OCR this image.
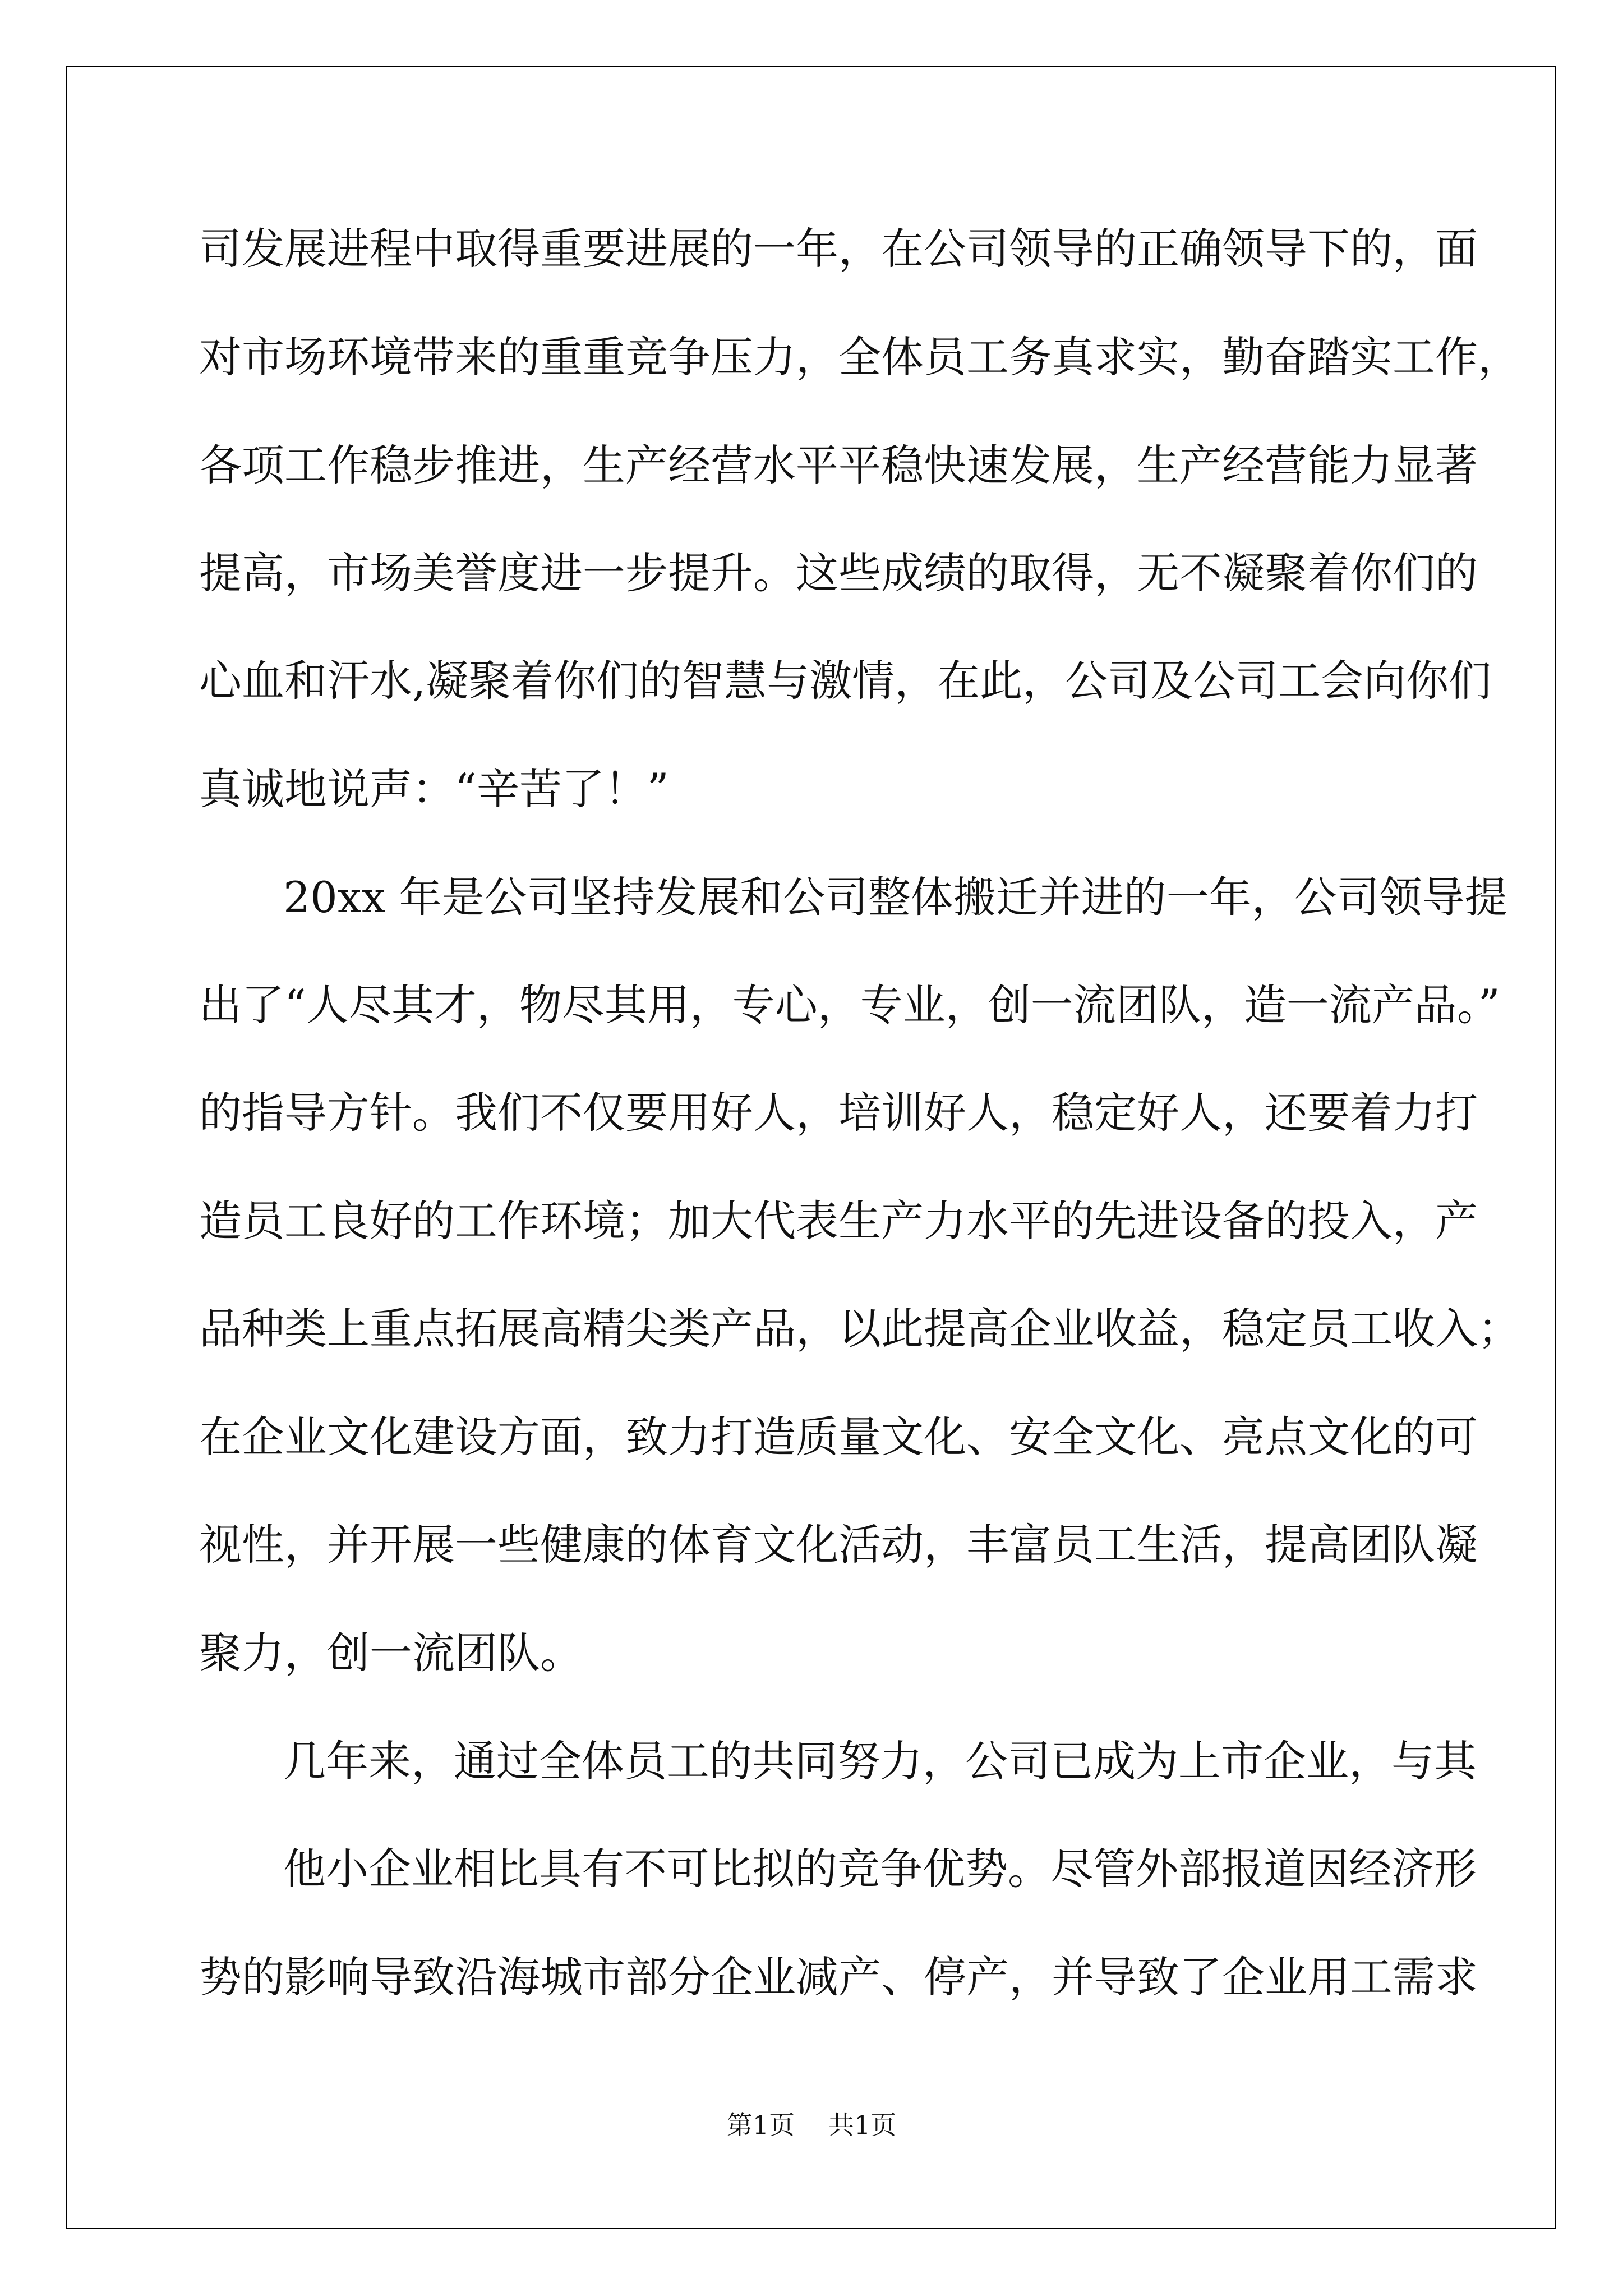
司发展进程中取得重要进展的一年，在公司领导的正确领导下的，面

对市场环境带来的重重竞争压力，全体员工务真求实，勤奋踏实工作，

各项工作稳步推进，生产经营水平平稳快速发展，生产经营能力显著

提高，市场美誉度进一步提升。这些成绩的取得，无不凝聚着你们的

心血和汗水,凝聚着你们的智慧与激情，在此，公司及公司工会向你们

真诚地说声：“辛苦了！”

20xx 年是公司坚持发展和公司整体搬迁并进的一年，公司领导提

出了“人尽其才，物尽其用，专心，专业，创一流团队，造一流产品。”

的指导方针。我们不仅要用好人，培训好人，稳定好人，还要着力打

造员工良好的工作环境；加大代表生产力水平的先进设备的投入，产

品种类上重点拓展高精尖类产品，以此提高企业收益，稳定员工收入；

在企业文化建设方面，致力打造质量文化、安全文化、亮点文化的可

视性，并开展一些健康的体育文化活动，丰富员工生活，提高团队凝

聚力，创一流团队。

几年来，通过全体员工的共同努力，公司已成为上市企业，与其

他小企业相比具有不可比拟的竞争优势。尽管外部报道因经济形

势的影响导致沿海城市部分企业减产、停产，并导致了企业用工需求

第1页 共1页
